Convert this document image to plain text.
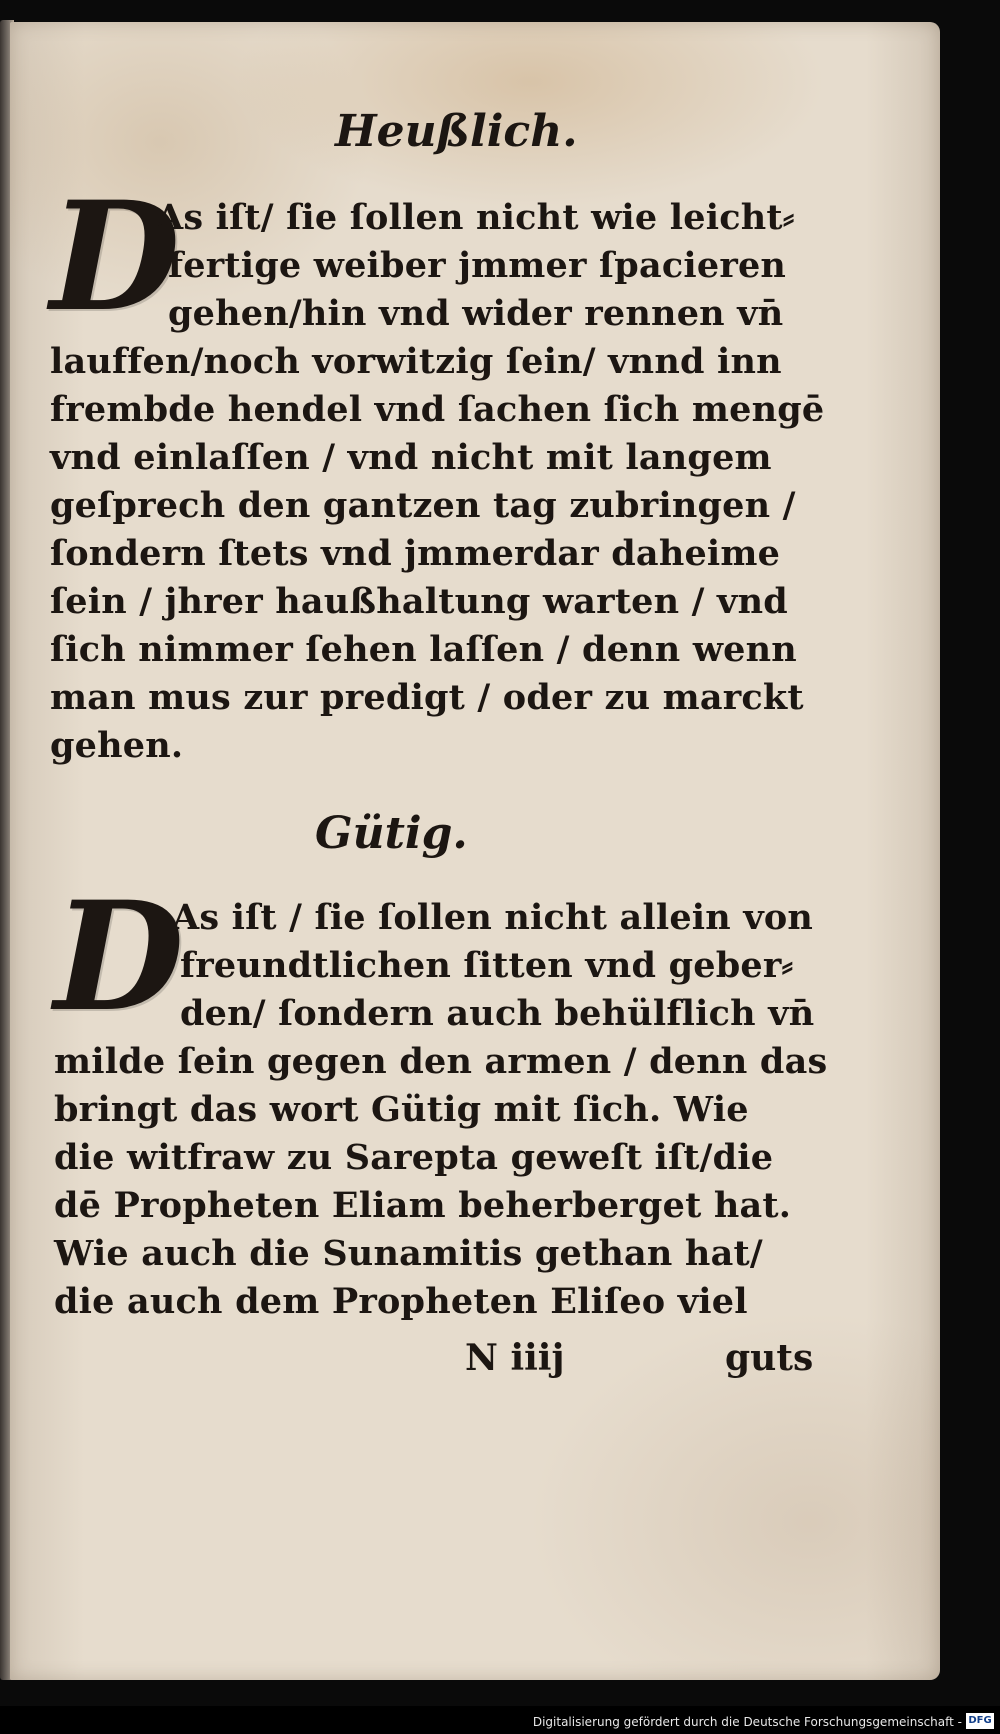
Heußlich.
D
As iſt/ ſie ſollen nicht wie leicht⸗
fertige weiber jmmer ſpacieren
gehen/hin vnd wider rennen vn̄
lauffen/noch vorwitzig ſein/ vnnd inn
frembde hendel vnd ſachen ſich mengē
vnd einlaſſen / vnd nicht mit langem
geſprech den gantzen tag zubringen /
ſondern ſtets vnd jmmerdar daheime
ſein / jhrer haußhaltung warten / vnd
ſich nimmer ſehen laſſen / denn wenn
man mus zur predigt / oder zu marckt
gehen.
Gütig.
D
As iſt / ſie ſollen nicht allein von
freundtlichen ſitten vnd geber⸗
den/ ſondern auch behülflich vn̄
milde ſein gegen den armen / denn das
bringt das wort Gütig mit ſich. Wie
die witfraw zu Sarepta geweſt iſt/die
dē Propheten Eliam beherberget hat.
Wie auch die Sunamitis gethan hat/
die auch dem Propheten Eliſeo viel
N iiij	guts
Digitalisierung gefördert durch die Deutsche Forschungsgemeinschaft - DFG
